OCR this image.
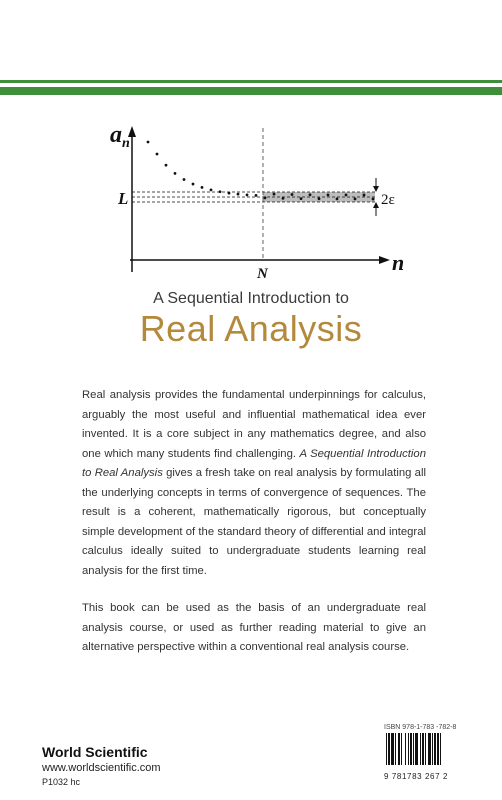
$a_n$
L
n
N
2ε
A Sequential Introduction to
Real Analysis

Real analysis provides the fundamental underpinnings for calculus, arguably the most useful and influential mathematical idea ever invented. It is a core subject in any mathematics degree, and also one which many students find challenging. A Sequential Introduction to Real Analysis gives a fresh take on real analysis by formulating all the underlying concepts in terms of convergence of sequences. The result is a coherent, mathematically rigorous, but conceptually simple development of the standard theory of differential and integral calculus ideally suited to undergraduate students learning real analysis for the first time.

This book can be used as the basis of an undergraduate real analysis course, or used as further reading material to give an alternative perspective within a conventional real analysis course.

World Scientific
www.worldscientific.com
P1032 hc
ISBN 978-1-783 -782-8
9 781783 267 2
